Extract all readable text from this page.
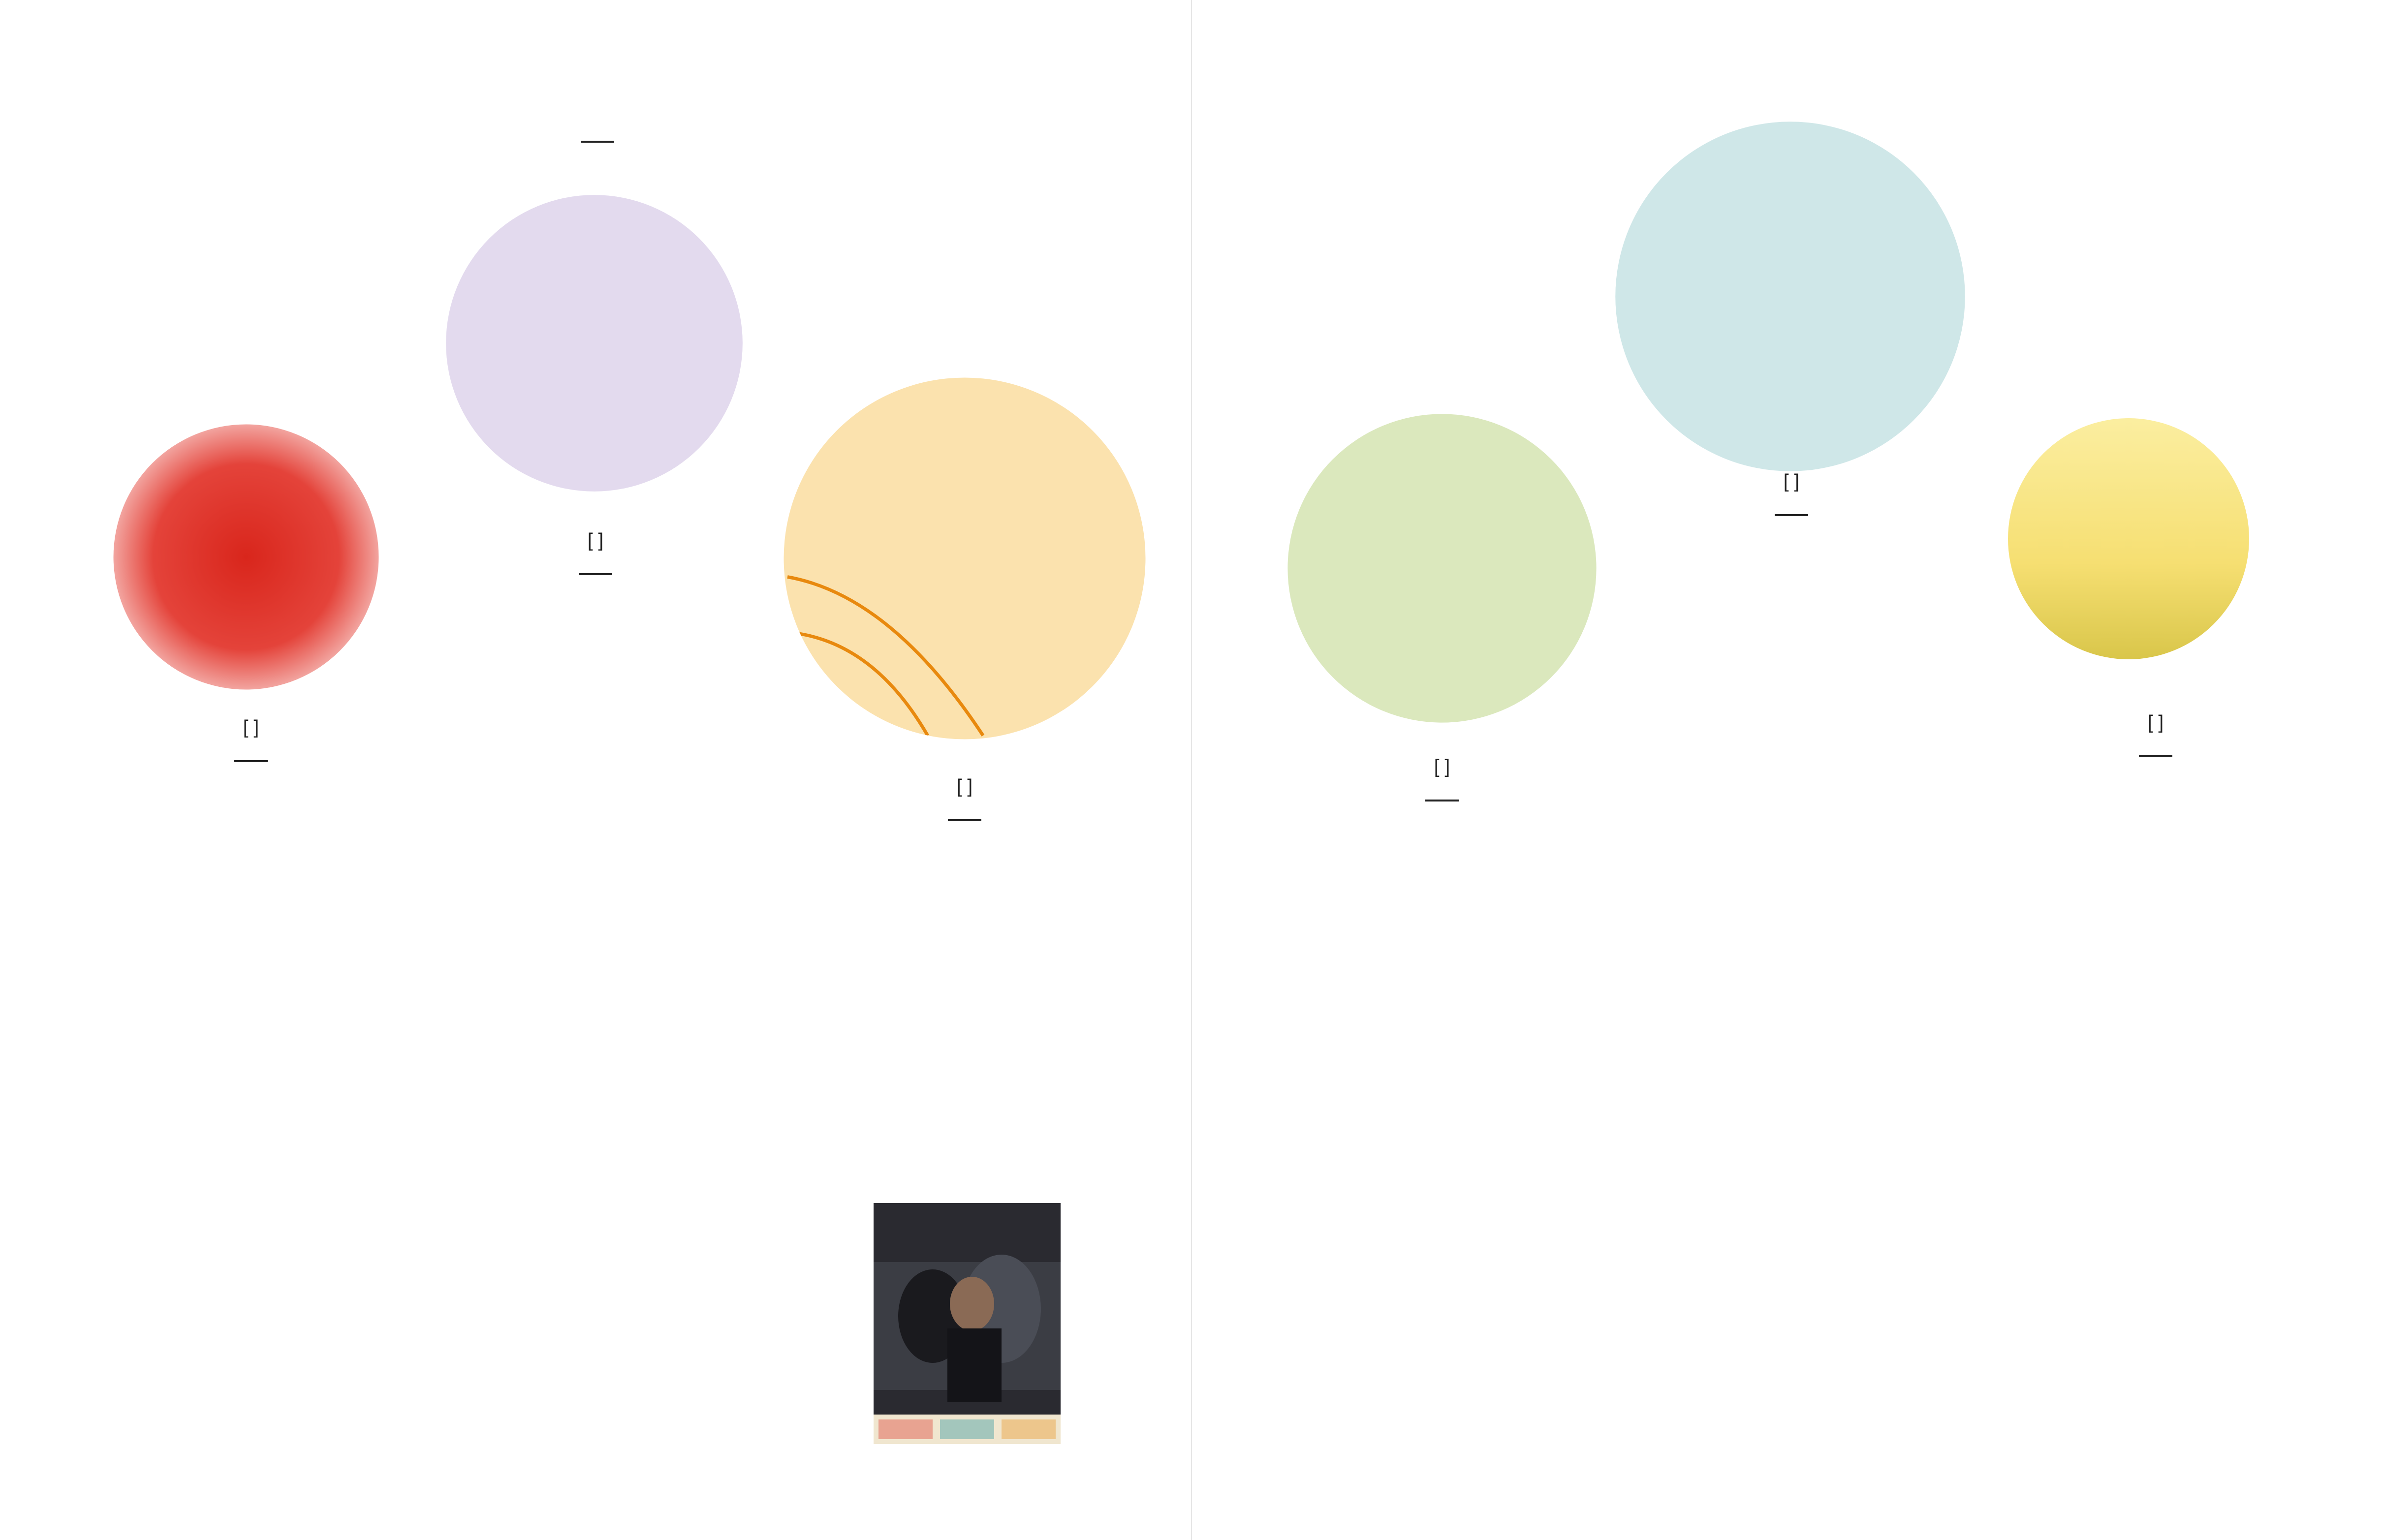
[ ]
[ ]
[ ]
[ ]
[ ]
[ ]
